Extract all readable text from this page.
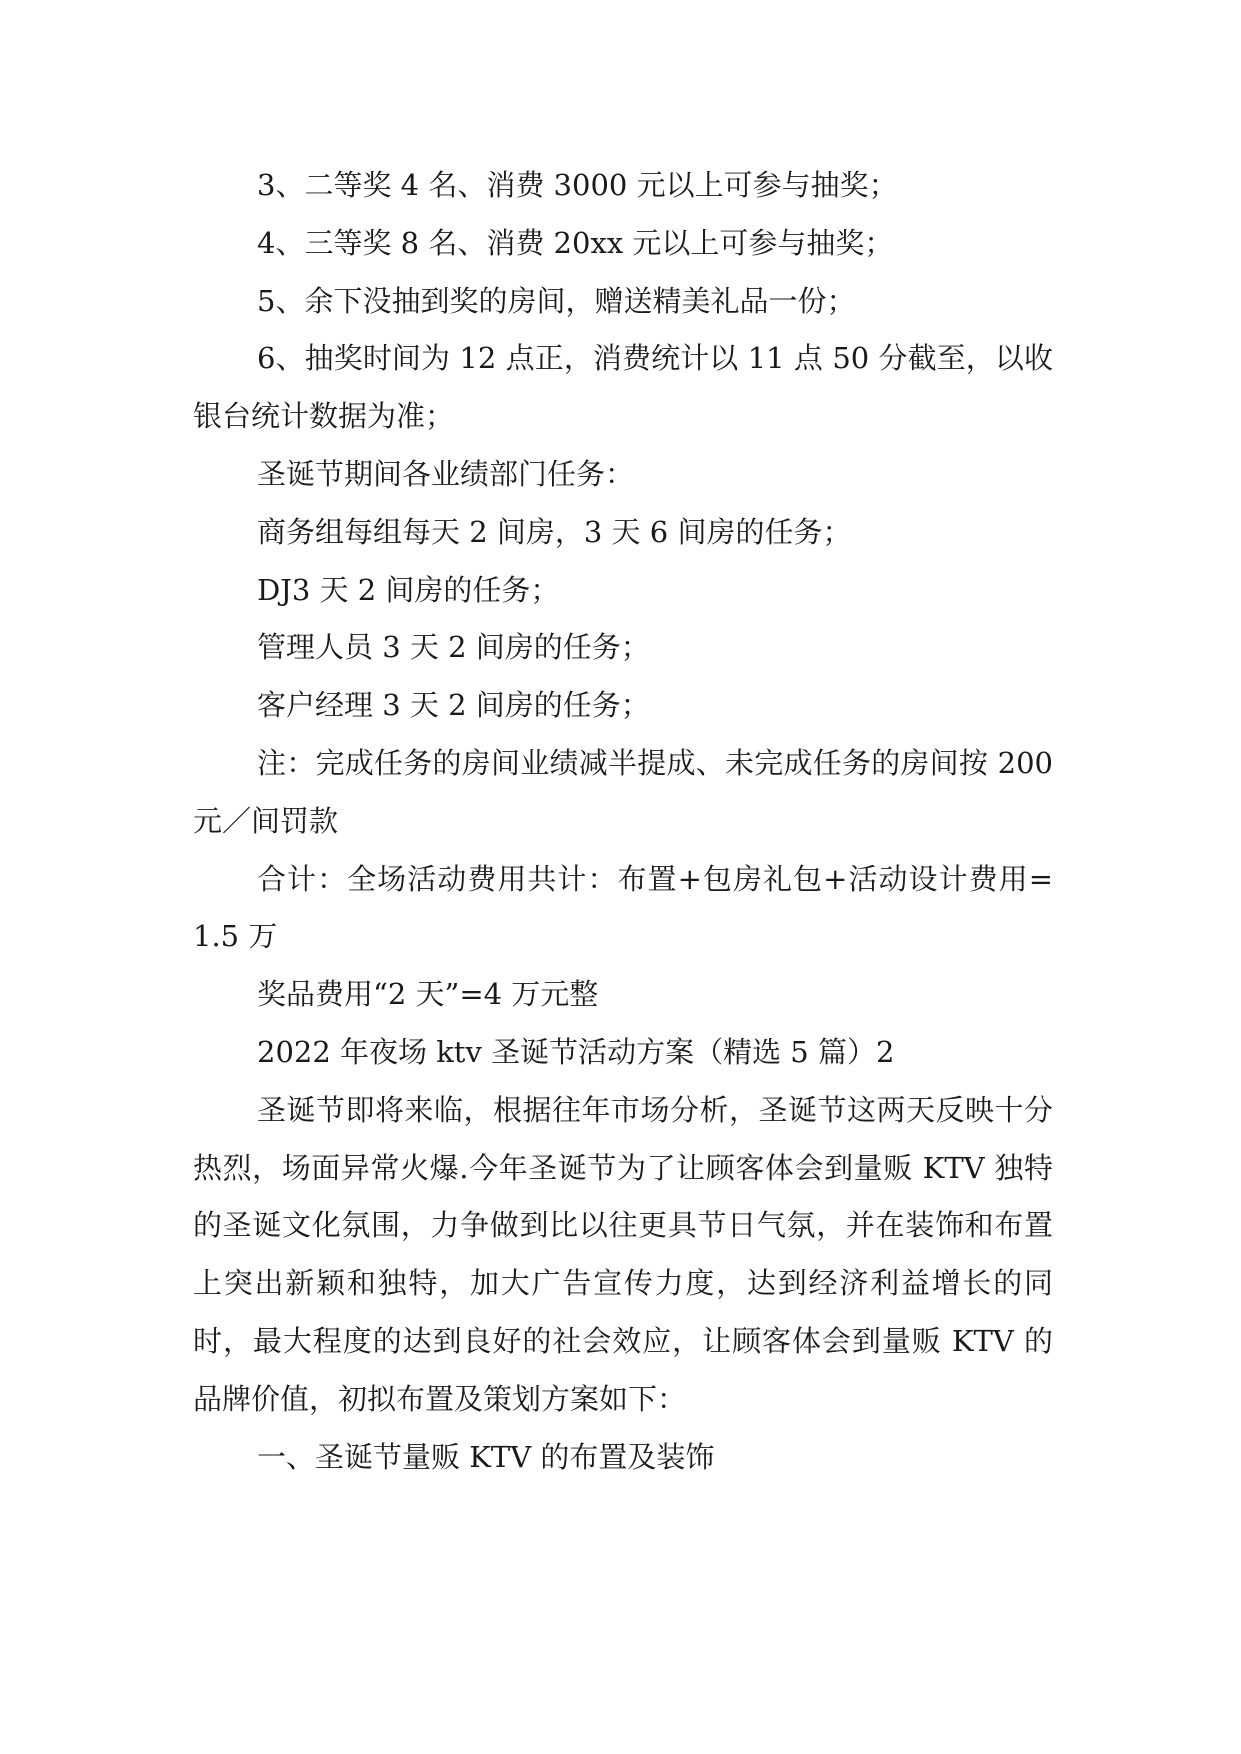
3、二等奖 4 名、消费 3000 元以上可参与抽奖；

4、三等奖 8 名、消费 20xx 元以上可参与抽奖；

5、余下没抽到奖的房间，赠送精美礼品一份；

6、抽奖时间为 12 点正，消费统计以 11 点 50 分截至，以收银台统计数据为准；

圣诞节期间各业绩部门任务：

商务组每组每天 2 间房，3 天 6 间房的任务；

DJ3 天 2 间房的任务；

管理人员 3 天 2 间房的任务；

客户经理 3 天 2 间房的任务；

注：完成任务的房间业绩减半提成、未完成任务的房间按 200 元／间罚款

合计：全场活动费用共计：布置+包房礼包+活动设计费用=1.5 万

奖品费用“2 天”=4 万元整

2022 年夜场 ktv 圣诞节活动方案（精选 5 篇）2

圣诞节即将来临，根据往年市场分析，圣诞节这两天反映十分热烈，场面异常火爆.今年圣诞节为了让顾客体会到量贩 KTV 独特的圣诞文化氛围，力争做到比以往更具节日气氛，并在装饰和布置上突出新颖和独特，加大广告宣传力度，达到经济利益增长的同时，最大程度的达到良好的社会效应，让顾客体会到量贩 KTV 的品牌价值，初拟布置及策划方案如下：

一、圣诞节量贩 KTV 的布置及装饰
